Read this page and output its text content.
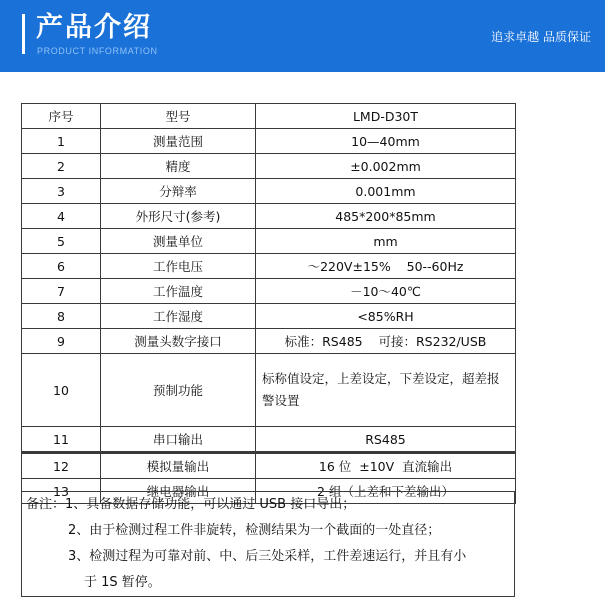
产品介绍
PRODUCT INFORMATION
追求卓越 品质保证
序号	型号	LMD-D30T
1	测量范围	10—40mm
2	精度	±0.002mm
3	分辩率	0.001mm
4	外形尺寸(参考)	485*200*85mm
5	测量单位	mm
6	工作电压	～220V±15%    50--60Hz
7	工作温度	－10～40℃
8	工作湿度	<85%RH
9	测量头数字接口	标准：RS485    可接：RS232/USB
10	预制功能	标称值设定，上差设定，下差设定，超差报警设置
11	串口输出	RS485
12	模拟量输出	16 位  ±10V  直流输出
13	继电器输出	2 组（上差和下差输出）
备注：1、具备数据存储功能，可以通过 USB 接口导出；
2、由于检测过程工件非旋转，检测结果为一个截面的一处直径；
3、检测过程为可靠对前、中、后三处采样，工件差速运行，并且有小
于 1S 暂停。
